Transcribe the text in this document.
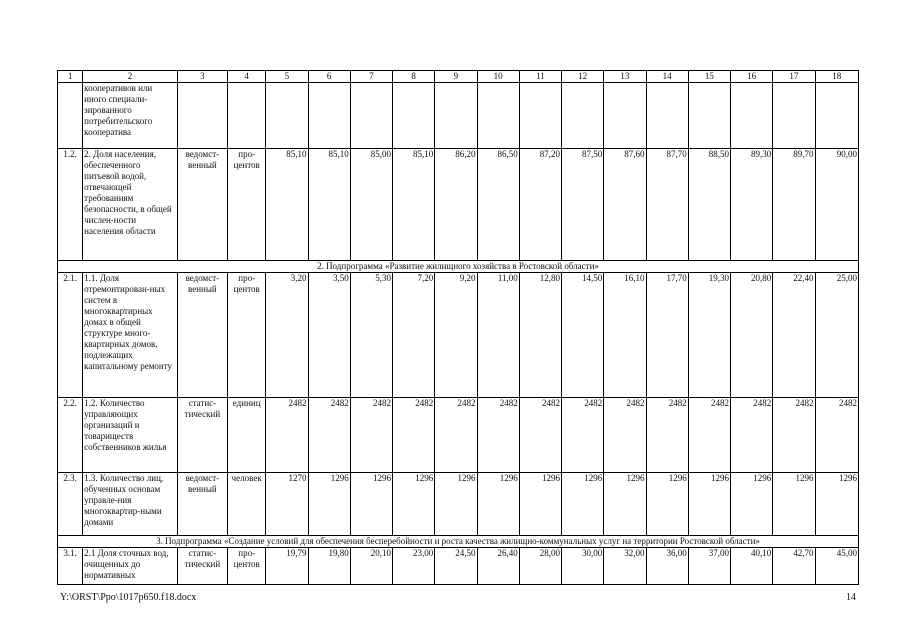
1	2	3	4	5	6	7	8	9	10	11	12	13	14	15	16	17	18
	кооперативов или иного специали-зированного потребительского кооператива																
1.2.	2. Доля населения, обеспеченного питьевой водой, отвечающей требованиям безопасности, в общей числен-ности населения области	ведомст-венный	про-центов	85,10	85,10	85,00	85,10	86,20	86,50	87,20	87,50	87,60	87,70	88,50	89,30	89,70	90,00
2. Подпрограмма «Развитие жилищного хозяйства в Ростовской области»																	
2.1.	1.1. Доля отремонтирован-ных систем в многоквартирных домах в общей структуре много-квартирных домов, подлежащих капитальному ремонту	ведомст-венный	про-центов	3,20	3,50	5,30	7,20	9,20	11,00	12,80	14,50	16,10	17,70	19,30	20,80	22,40	25,00
2.2.	1.2. Количество управляющих организаций и товариществ собственников жилья	статис-тический	единиц	2482	2482	2482	2482	2482	2482	2482	2482	2482	2482	2482	2482	2482	2482
2.3.	1.3. Количество лиц, обученных основам управле-ния многоквартир-ными домами	ведомст-венный	человек	1270	1296	1296	1296	1296	1296	1296	1296	1296	1296	1296	1296	1296	1296
3. Подпрограмма «Создание условий для обеспечения бесперебойности и роста качества жилищно-коммунальных услуг на территории Ростовской области»																	
3.1.	2.1 Доля сточных вод, очищенных до нормативных	статис-тический	про-центов	19,79	19,80	20,10	23,00	24,50	26,40	28,00	30,00	32,00	36,00	37,00	40,10	42,70	45,00
Y:\ORST\Ppo\1017p650.f18.docx	14
